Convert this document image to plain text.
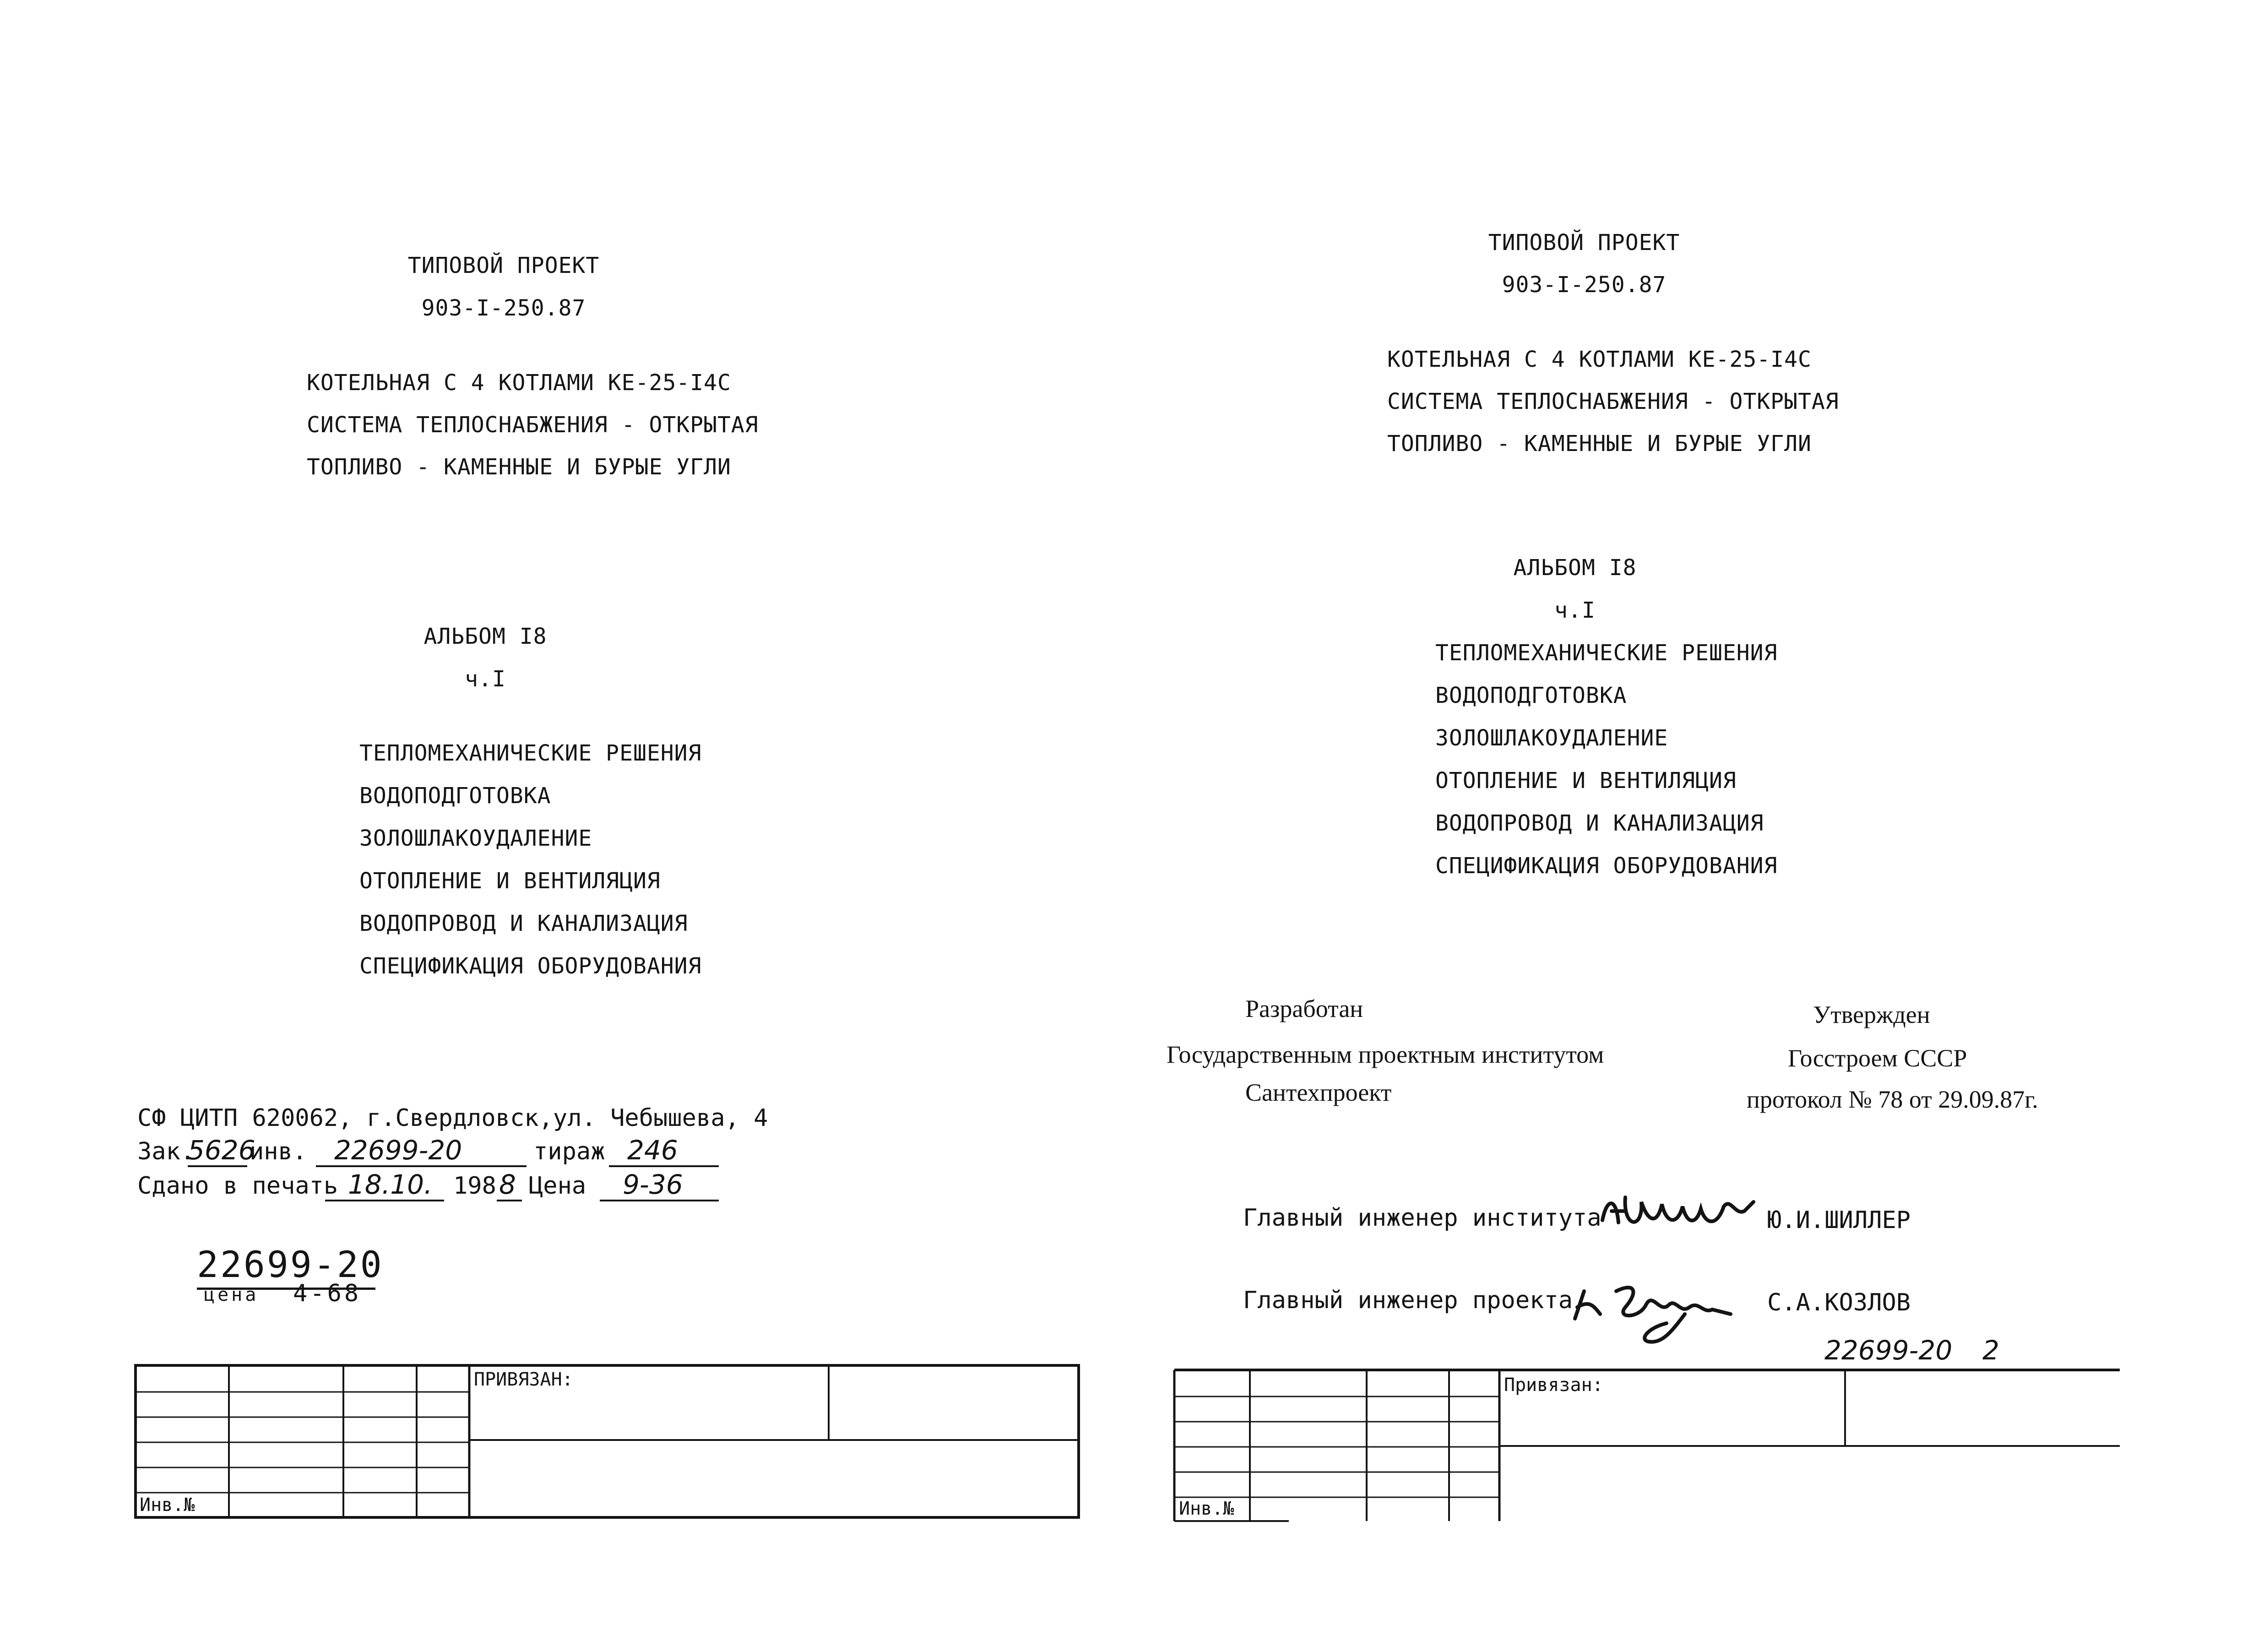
ТИПОВОЙ ПРОЕКТ
903-I-250.87
КОТЕЛЬНАЯ С 4 КОТЛАМИ КЕ-25-I4С
СИСТЕМА ТЕПЛОСНАБЖЕНИЯ - ОТКРЫТАЯ
ТОПЛИВО - КАМЕННЫЕ И БУРЫЕ УГЛИ
АЛЬБОМ I8
ч.I
ТЕПЛОМЕХАНИЧЕСКИЕ РЕШЕНИЯ
ВОДОПОДГОТОВКА
ЗОЛОШЛАКОУДАЛЕНИЕ
ОТОПЛЕНИЕ И ВЕНТИЛЯЦИЯ
ВОДОПРОВОД И КАНАЛИЗАЦИЯ
СПЕЦИФИКАЦИЯ ОБОРУДОВАНИЯ
СФ ЦИТП 620062, г.Свердловск,ул. Чебышева, 4
Зак.
5626
инв. 22699-20	тираж 246
Сдано в печать 18.10. 198 8 Цена 9-36
22699-20
цена 4-68
ПРИВЯЗАН:
Инв.№
ТИПОВОЙ ПРОЕКТ
903-I-250.87
КОТЕЛЬНАЯ С 4 КОТЛАМИ КЕ-25-I4С
СИСТЕМА ТЕПЛОСНАБЖЕНИЯ - ОТКРЫТАЯ
ТОПЛИВО - КАМЕННЫЕ И БУРЫЕ УГЛИ
АЛЬБОМ I8
ч.I
ТЕПЛОМЕХАНИЧЕСКИЕ РЕШЕНИЯ
ВОДОПОДГОТОВКА
ЗОЛОШЛАКОУДАЛЕНИЕ
ОТОПЛЕНИЕ И ВЕНТИЛЯЦИЯ
ВОДОПРОВОД И КАНАЛИЗАЦИЯ
СПЕЦИФИКАЦИЯ ОБОРУДОВАНИЯ
Разработан
Государственным проектным институтом
Сантехпроект
Утвержден
Госстроем СССР
протокол № 78 от 29.09.87г.
Главный инженер института	Ю.И.ШИЛЛЕР
Главный инженер проекта	С.А.КОЗЛОВ
22699-20 2
Привязан:
Инв.№
